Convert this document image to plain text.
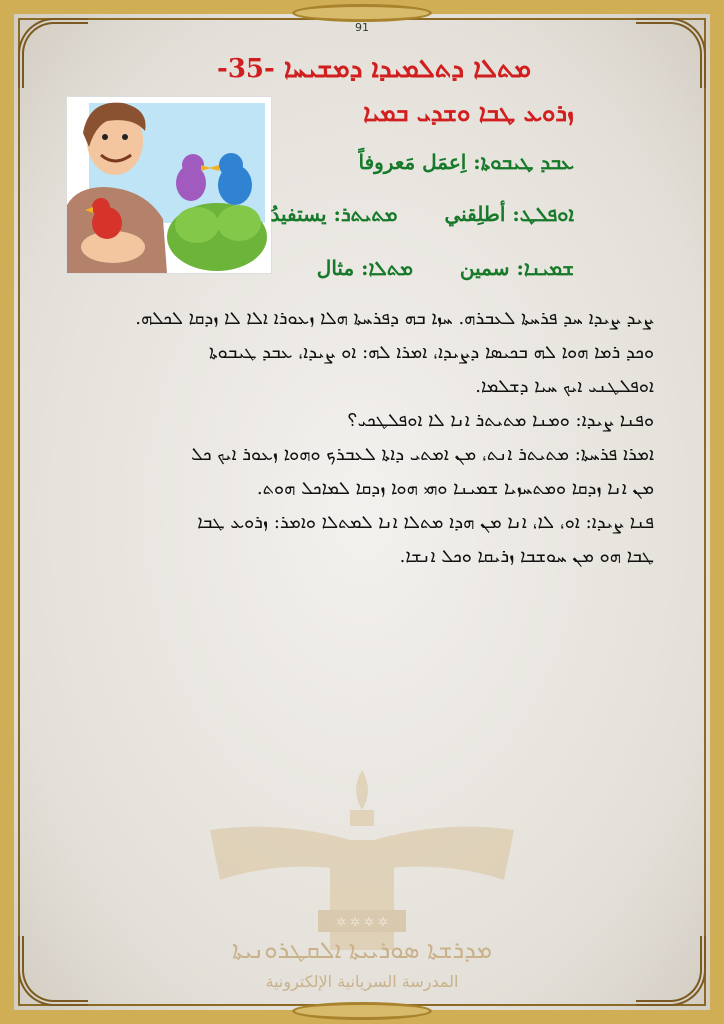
91
ܡܬܠܐ ܕܬܠܡܝܕܐ ܕܡܫܝܚܐ -35-
ܙܪܘܥ ܛܒܐ ܘܫܕܝ ܒܡܝܐ
ܥܒܕ ܛܝܒܘܬܐ: اِعمَل مَعروفاً
ܐܘܦܠܛ: أطلِقني ܡܬܝܬܪ: يستفيدُ
ܫܡܝܢܐ: سمين ܡܬܠܐ: مثال

ܨܝܕ ܨܝܕܐ ܚܕ ܦܪܚܬܐ ܠܥܒܪܗ. ܚܙܐ ܒܗ ܕܦܪܚܬܐ ܗܠܐ ܙܥܘܪܐ ܐܠܐ ܠܐ ܙܕܩܐ ܠܟܠܗ.

ܘܟܕ ܪܡܐ ܗܘܐ ܠܗ ܒܟܝܣܐ ܕܨܝܕܐ، ܐܡܪܐ ܠܗ: ܐܘ ܨܝܕܐ، ܥܒܕ ܛܝܒܘܬܐ

ܐܘܦܠܛܢܝ ܐܝܟ ܚܝܐ ܕܫܠܡܐ.

ܘܦܢܐ ܨܝܕܐ: ܘܡܢܐ ܡܬܝܬܪ ܐܢܐ ܠܐ ܐܘܦܠܛܟܝ؟

ܐܡܪܐ ܦܪܚܬܐ: ܡܬܝܬܪ ܐܢܬ، ܡܢ ܐܡܬܝ ܕܐܬܐ ܠܥܒܪܟ ܘܗܘܐ ܙܥܘܪ ܐܝܟ ܟܠ

ܡܢ ܐܢܐ ܙܕܩܐ ܘܡܬܚܙܝܐ ܫܡܝܢܐ ܘܗܝ ܗܘܐ ܙܕܩܐ ܠܡܐܟܠ ܗܘܬ.

ܦܢܐ ܨܝܕܐ: ܐܘ، ܠܐ، ܐܢܐ ܡܢ ܗܕܐ ܡܬܠܐ ܐܢܐ ܠܡܬܠܐ ܘܐܡܪ: ܙܪܘܥ ܛܒܐ

ܛܒܐ ܗܘ ܡܢ ܚܘܫܒܐ ܙܪܝܩܐ ܘܟܠ ܐܢܫܐ.

✲ ✲ ✲ ✲
ܡܕܪܫܬܐ ܣܘܪܝܝܬܐ ܐܠܩܛܪܘܢܝܬܐ
المدرسة السريانية الإلكترونية
